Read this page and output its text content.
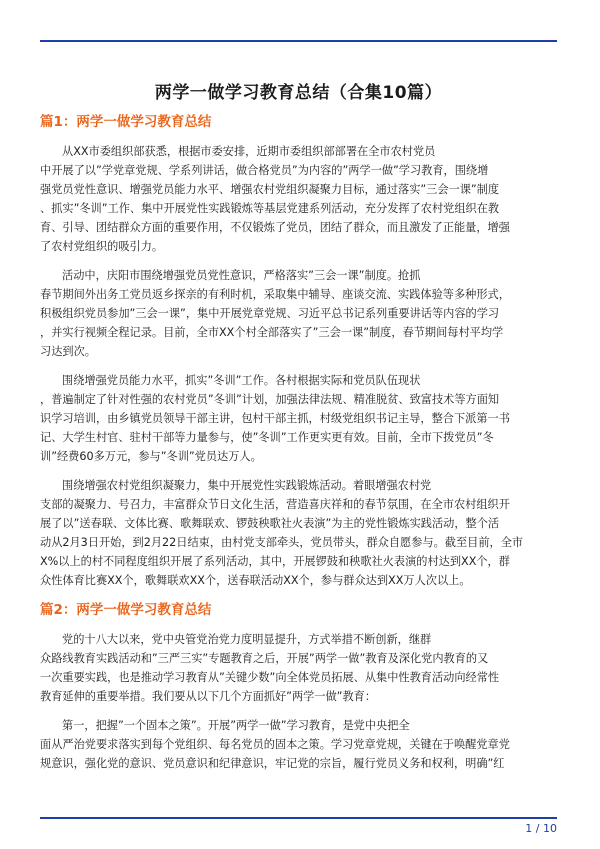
两学一做学习教育总结（合集10篇）
篇1：两学一做学习教育总结
从XX市委组织部获悉，根据市委安排，近期市委组织部部署在全市农村党员
中开展了以”学党章党规、学系列讲话，做合格党员”为内容的”两学一做”学习教育，围绕增
强党员党性意识、增强党员能力水平、增强农村党组织凝聚力目标，通过落实”三会一课”制度
、抓实”冬训”工作、集中开展党性实践锻炼等基层党建系列活动，充分发挥了农村党组织在教
育、引导、团结群众方面的重要作用，不仅锻炼了党员，团结了群众，而且激发了正能量，增强
了农村党组织的吸引力。
活动中，庆阳市围绕增强党员党性意识，严格落实”三会一课”制度。抢抓
春节期间外出务工党员返乡探亲的有利时机，采取集中辅导、座谈交流、实践体验等多种形式，
积极组织党员参加”三会一课”，集中开展党章党规、习近平总书记系列重要讲话等内容的学习
，并实行视频全程记录。目前，全市XX个村全部落实了”三会一课”制度，春节期间每村平均学
习达到次。
围绕增强党员能力水平，抓实”冬训”工作。各村根据实际和党员队伍现状
，普遍制定了针对性强的农村党员”冬训”计划，加强法律法规、精准脱贫、致富技术等方面知
识学习培训，由乡镇党员领导干部主讲，包村干部主抓，村级党组织书记主导，整合下派第一书
记、大学生村官、驻村干部等力量参与，使”冬训”工作更实更有效。目前，全市下拨党员”冬
训”经费60多万元，参与”冬训”党员达万人。
围绕增强农村党组织凝聚力，集中开展党性实践锻炼活动。着眼增强农村党
支部的凝聚力、号召力，丰富群众节日文化生活，营造喜庆祥和的春节氛围，在全市农村组织开
展了以”送春联、文体比赛、歌舞联欢、锣鼓秧歌社火表演”为主的党性锻炼实践活动，整个活
动从2月3日开始，到2月22日结束，由村党支部牵头，党员带头，群众自愿参与。截至目前，全市
X%以上的村不同程度组织开展了系列活动，其中，开展锣鼓和秧歌社火表演的村达到XX个，群
众性体育比赛XX个，歌舞联欢XX个，送春联活动XX个，参与群众达到XX万人次以上。
篇2：两学一做学习教育总结
党的十八大以来，党中央管党治党力度明显提升，方式举措不断创新，继群
众路线教育实践活动和”三严三实”专题教育之后，开展”两学一做”教育及深化党内教育的又
一次重要实践，也是推动学习教育从”关键少数”向全体党员拓展、从集中性教育活动向经常性
教育延伸的重要举措。我们要从以下几个方面抓好”两学一做”教育：
第一，把握”一个固本之策”。开展”两学一做”学习教育，是党中央把全
面从严治党要求落实到每个党组织、每名党员的固本之策。学习党章党规，关键在于唤醒党章党
规意识，强化党的意识、党员意识和纪律意识，牢记党的宗旨，履行党员义务和权利，明确”红
1 / 10
